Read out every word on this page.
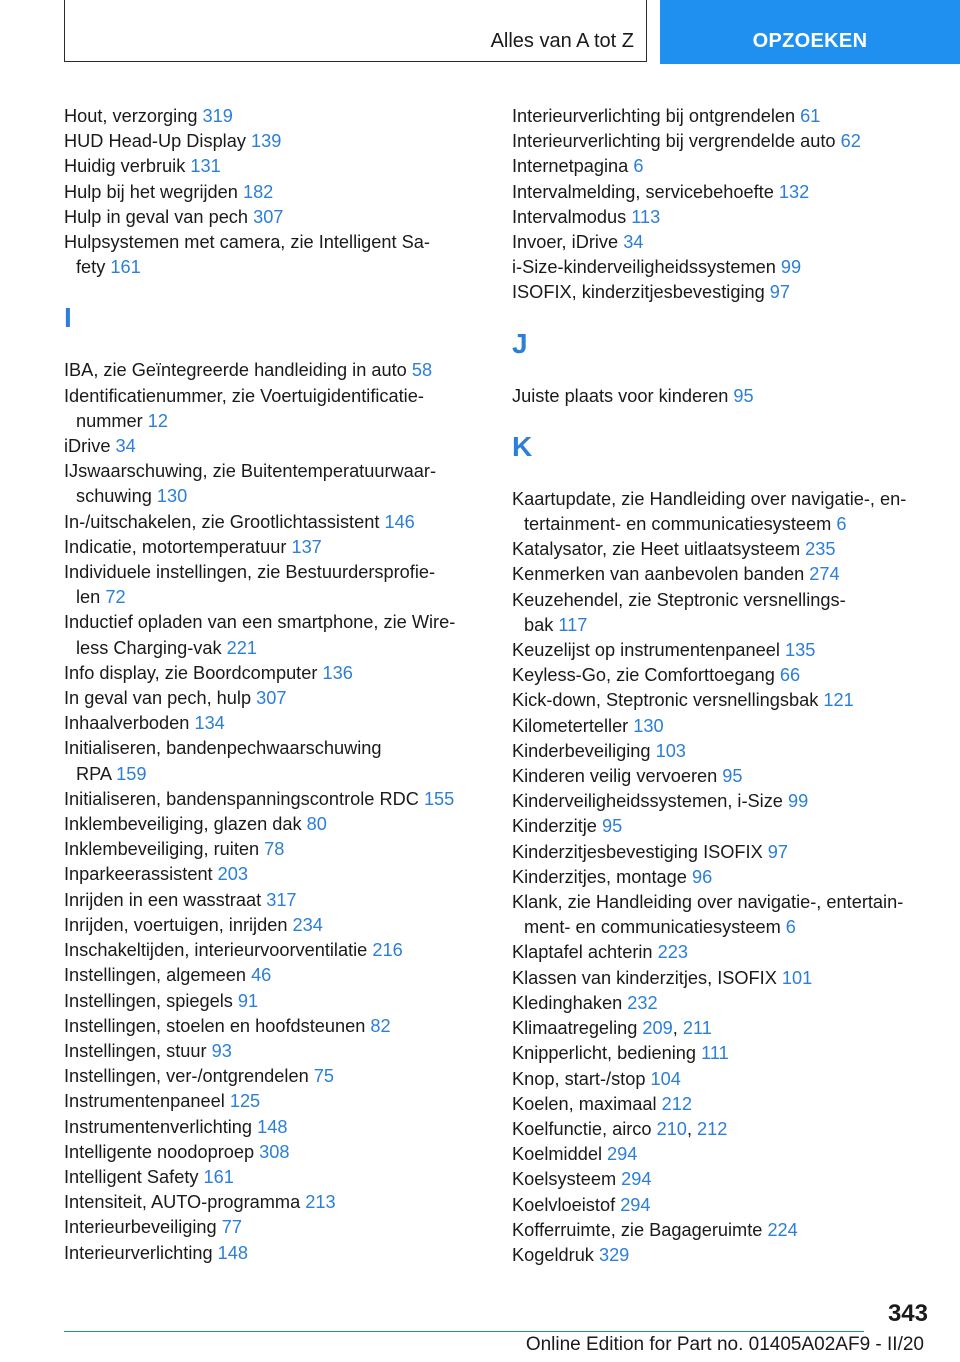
Alles van A tot Z	OPZOEKEN
Hout, verzorging 319
HUD Head-Up Display 139
Huidig verbruik 131
Hulp bij het wegrijden 182
Hulp in geval van pech 307
Hulpsystemen met camera, zie Intelligent Sa-
fety 161
I
IBA, zie Geïntegreerde handleiding in auto 58
Identificatienummer, zie Voertuigidentificatie-
nummer 12
iDrive 34
IJswaarschuwing, zie Buitentemperatuurwaar-
schuwing 130
In-/uitschakelen, zie Grootlichtassistent 146
Indicatie, motortemperatuur 137
Individuele instellingen, zie Bestuurdersprofie-
len 72
Inductief opladen van een smartphone, zie Wire-
less Charging-vak 221
Info display, zie Boordcomputer 136
In geval van pech, hulp 307
Inhaalverboden 134
Initialiseren, bandenpechwaarschuwing
RPA 159
Initialiseren, bandenspanningscontrole RDC 155
Inklembeveiliging, glazen dak 80
Inklembeveiliging, ruiten 78
Inparkeerassistent 203
Inrijden in een wasstraat 317
Inrijden, voertuigen, inrijden 234
Inschakeltijden, interieurvoorventilatie 216
Instellingen, algemeen 46
Instellingen, spiegels 91
Instellingen, stoelen en hoofdsteunen 82
Instellingen, stuur 93
Instellingen, ver-/ontgrendelen 75
Instrumentenpaneel 125
Instrumentenverlichting 148
Intelligente noodoproep 308
Intelligent Safety 161
Intensiteit, AUTO-programma 213
Interieurbeveiliging 77
Interieurverlichting 148
Interieurverlichting bij ontgrendelen 61
Interieurverlichting bij vergrendelde auto 62
Internetpagina 6
Intervalmelding, servicebehoefte 132
Intervalmodus 113
Invoer, iDrive 34
i-Size-kinderveiligheidssystemen 99
ISOFIX, kinderzitjesbevestiging 97
J
Juiste plaats voor kinderen 95
K
Kaartupdate, zie Handleiding over navigatie-, en-
tertainment- en communicatiesysteem 6
Katalysator, zie Heet uitlaatsysteem 235
Kenmerken van aanbevolen banden 274
Keuzehendel, zie Steptronic versnellings-
bak 117
Keuzelijst op instrumentenpaneel 135
Keyless-Go, zie Comforttoegang 66
Kick-down, Steptronic versnellingsbak 121
Kilometerteller 130
Kinderbeveiliging 103
Kinderen veilig vervoeren 95
Kinderveiligheidssystemen, i-Size 99
Kinderzitje 95
Kinderzitjesbevestiging ISOFIX 97
Kinderzitjes, montage 96
Klank, zie Handleiding over navigatie-, entertain-
ment- en communicatiesysteem 6
Klaptafel achterin 223
Klassen van kinderzitjes, ISOFIX 101
Kledinghaken 232
Klimaatregeling 209, 211
Knipperlicht, bediening 111
Knop, start-/stop 104
Koelen, maximaal 212
Koelfunctie, airco 210, 212
Koelmiddel 294
Koelsysteem 294
Koelvloeistof 294
Kofferruimte, zie Bagageruimte 224
Kogeldruk 329
343
Online Edition for Part no. 01405A02AF9 - II/20
